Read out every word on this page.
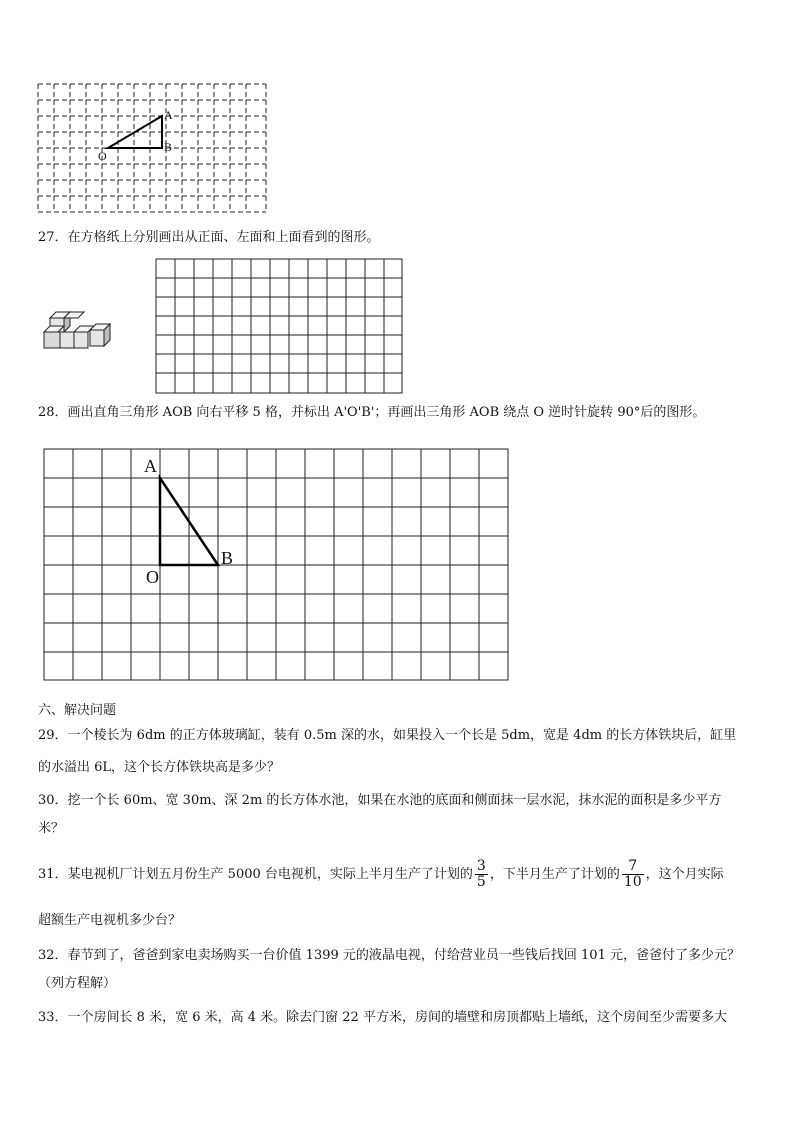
A
B
O
27．在方格纸上分别画出从正面、左面和上面看到的图形。
28．画出直角三角形 AOB 向右平移 5 格，并标出 A'O'B'；再画出三角形 AOB 绕点 O 逆时针旋转 90°后的图形。
A
B
O
六、解决问题
29．一个棱长为 6dm 的正方体玻璃缸，装有 0.5m 深的水，如果投入一个长是 5dm，宽是 4dm 的长方体铁块后，缸里
的水溢出 6L，这个长方体铁块高是多少？
30．挖一个长 60m、宽 30m、深 2m 的长方体水池，如果在水池的底面和侧面抹一层水泥，抹水泥的面积是多少平方
米？
31．某电视机厂计划五月份生产 5000 台电视机，实际上半月生产了计划的 $\frac{3}{5}$ ，下半月生产了计划的 $\frac{7}{10}$ ，这个月实际
超额生产电视机多少台？
32．春节到了，爸爸到家电卖场购买一台价值 1399 元的液晶电视，付给营业员一些钱后找回 101 元，爸爸付了多少元？
（列方程解）
33．一个房间长 8 米，宽 6 米，高 4 米。除去门窗 22 平方米，房间的墙壁和房顶都贴上墙纸，这个房间至少需要多大
